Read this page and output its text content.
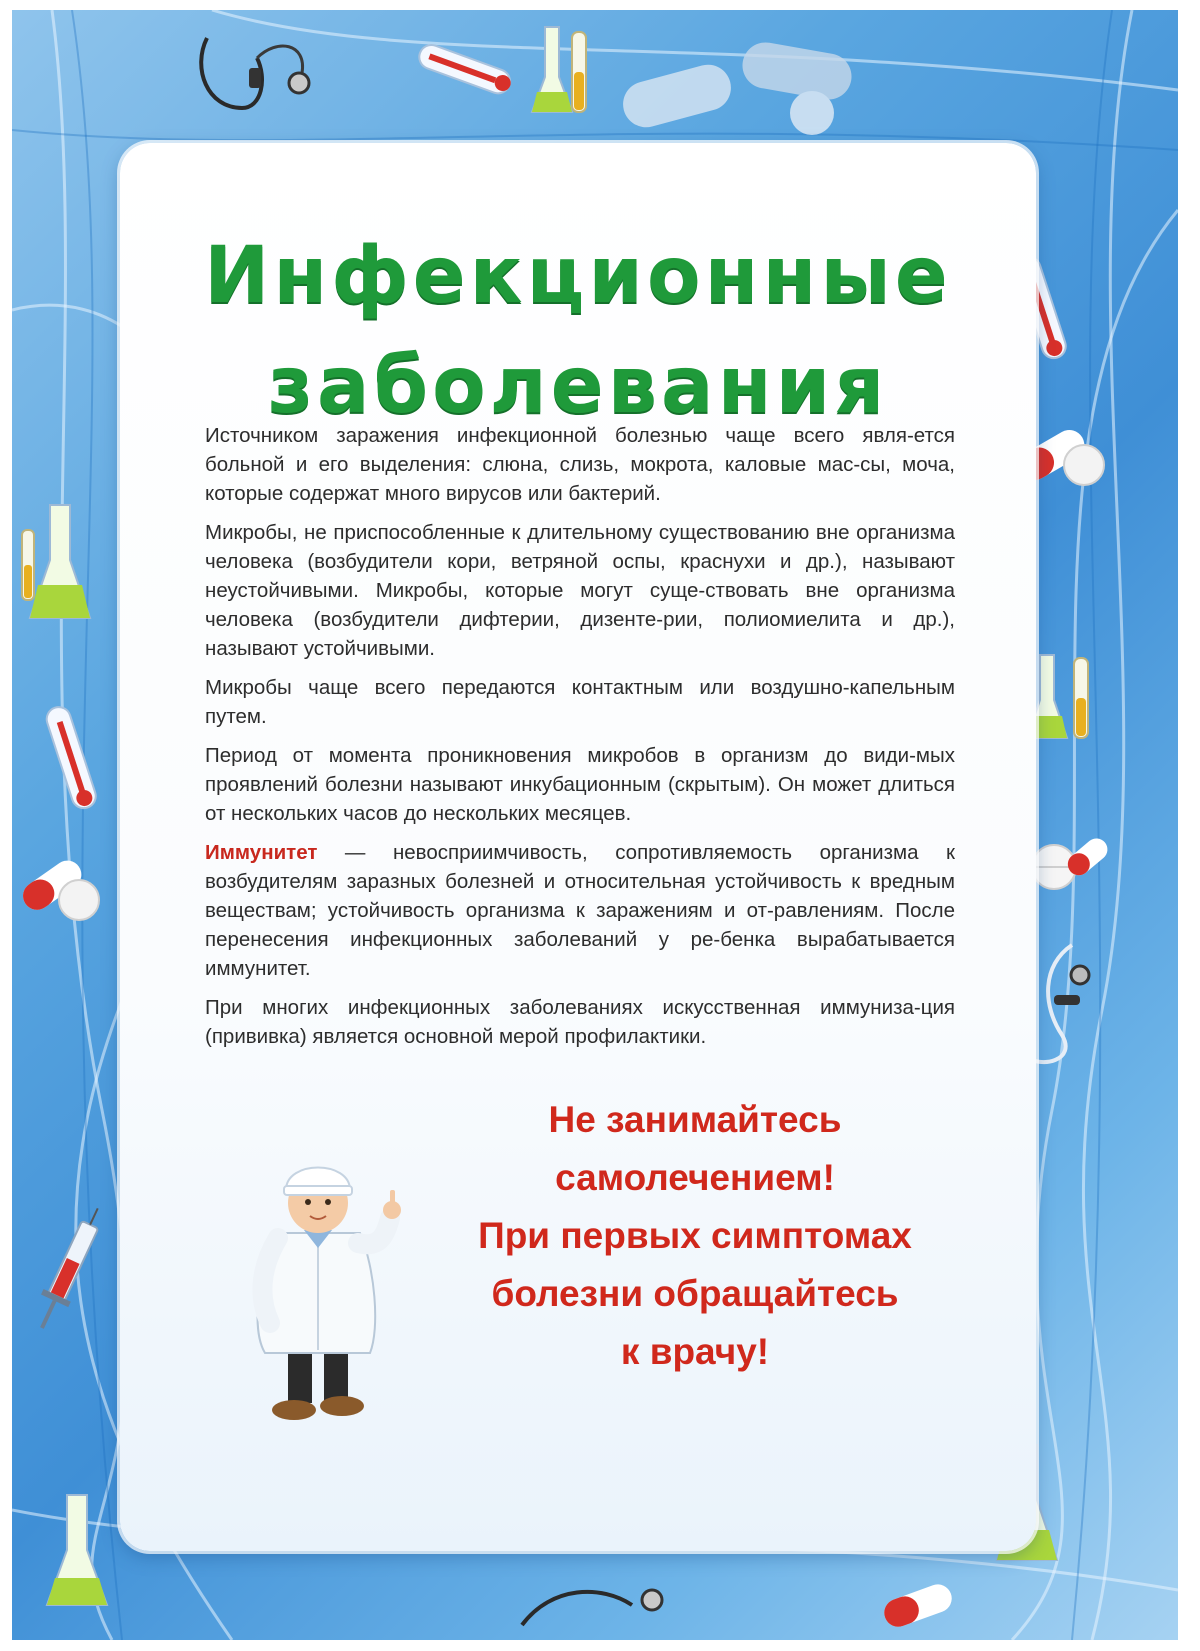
Инфекционные
заболевания

Источником заражения инфекционной болезнью чаще всего явля-ется больной и его выделения: слюна, слизь, мокрота, каловые мас-сы, моча, которые содержат много вирусов или бактерий.

Микробы, не приспособленные к длительному существованию вне организма человека (возбудители кори, ветряной оспы, краснухи и др.), называют неустойчивыми. Микробы, которые могут суще-ствовать вне организма человека (возбудители дифтерии, дизенте-рии, полиомиелита и др.), называют устойчивыми.

Микробы чаще всего передаются контактным или воздушно-капельным путем.

Период от момента проникновения микробов в организм до види-мых проявлений болезни называют инкубационным (скрытым). Он может длиться от нескольких часов до нескольких месяцев.

Иммунитет — невосприимчивость, сопротивляемость организма к возбудителям заразных болезней и относительная устойчивость к вредным веществам; устойчивость организма к заражениям и от-равлениям. После перенесения инфекционных заболеваний у ре-бенка вырабатывается иммунитет.

При многих инфекционных заболеваниях искусственная иммуниза-ция (прививка) является основной мерой профилактики.

Не занимайтесь
самолечением!
При первых симптомах
болезни обращайтесь
к врачу!
